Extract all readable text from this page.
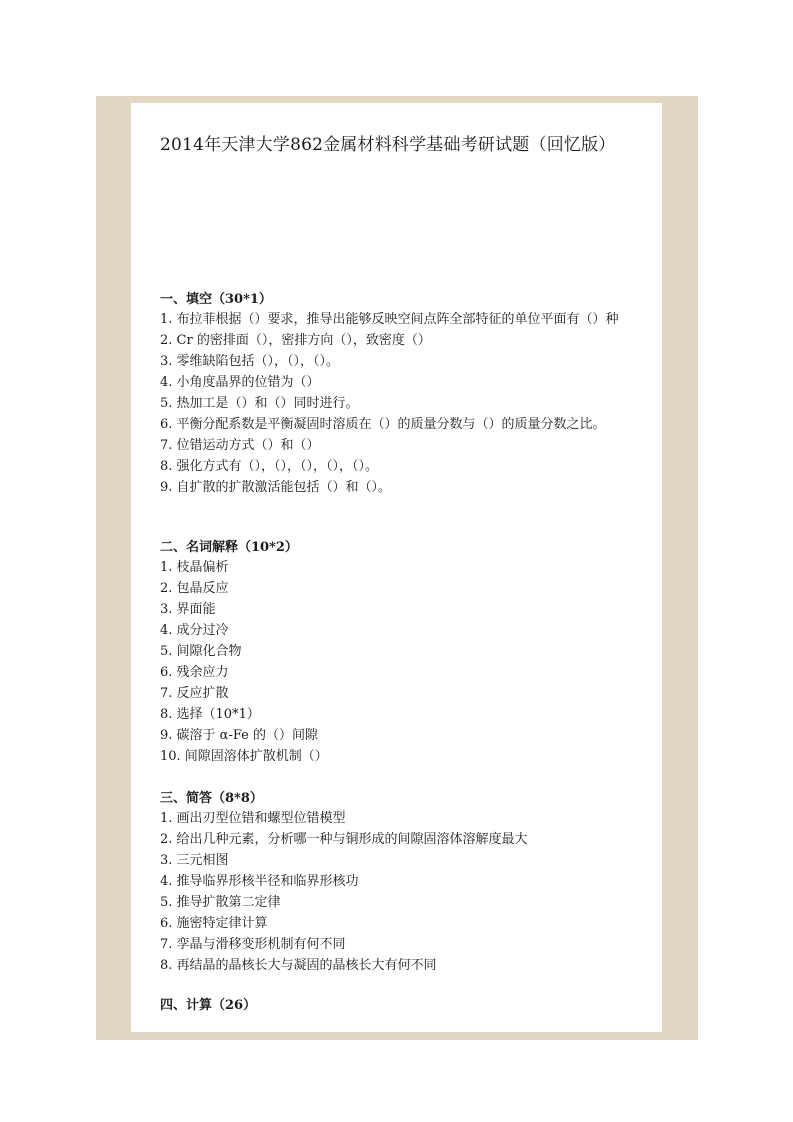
2014年天津大学862金属材料科学基础考研试题（回忆版）
一、填空（30*1）
1. 布拉菲根据（）要求，推导出能够反映空间点阵全部特征的单位平面有（）种
2. Cr 的密排面（），密排方向（），致密度（）
3. 零维缺陷包括（），（），（）。
4. 小角度晶界的位错为（）
5. 热加工是（）和（）同时进行。
6. 平衡分配系数是平衡凝固时溶质在（）的质量分数与（）的质量分数之比。
7. 位错运动方式（）和（）
8. 强化方式有（），（），（），（），（）。
9. 自扩散的扩散激活能包括（）和（）。
二、名词解释（10*2）
1. 枝晶偏析
2. 包晶反应
3. 界面能
4. 成分过冷
5. 间隙化合物
6. 残余应力
7. 反应扩散
8. 选择（10*1）
9. 碳溶于 α-Fe 的（）间隙
10. 间隙固溶体扩散机制（）
三、简答（8*8）
1. 画出刃型位错和螺型位错模型
2. 给出几种元素，分析哪一种与铜形成的间隙固溶体溶解度最大
3. 三元相图
4. 推导临界形核半径和临界形核功
5. 推导扩散第二定律
6. 施密特定律计算
7. 孪晶与滑移变形机制有何不同
8. 再结晶的晶核长大与凝固的晶核长大有何不同
四、计算（26）
